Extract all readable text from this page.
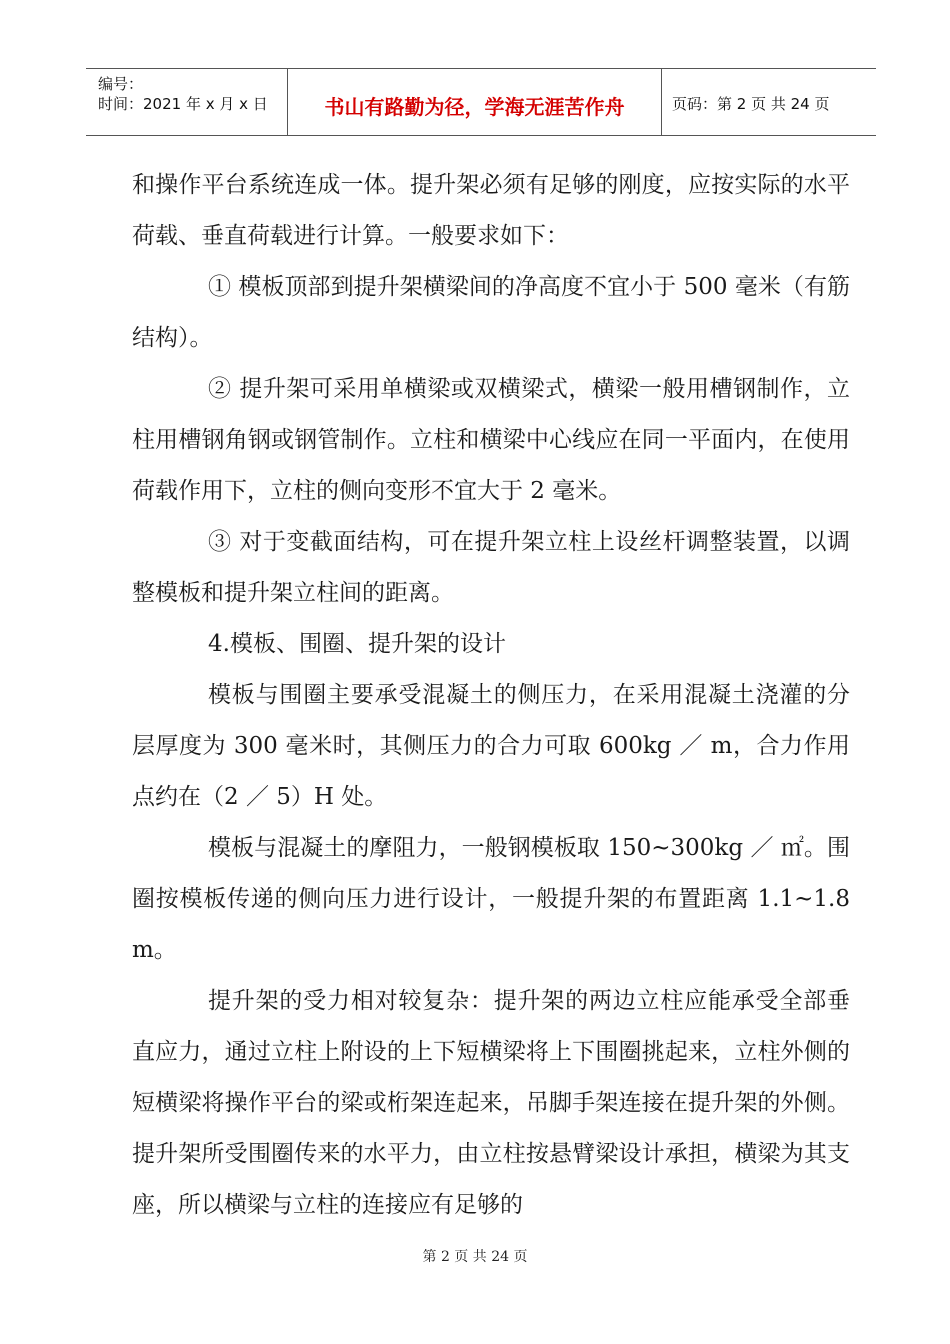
编号：
时间：2021 年 x 月 x 日	书山有路勤为径，学海无涯苦作舟	页码：第 2 页 共 24 页

和操作平台系统连成一体。提升架必须有足够的刚度，应按实际的水平荷载、垂直荷载进行计算。一般要求如下：

① 模板顶部到提升架横梁间的净高度不宜小于 500 毫米（有筋结构）。

② 提升架可采用单横梁或双横梁式，横梁一般用槽钢制作，立柱用槽钢角钢或钢管制作。立柱和横梁中心线应在同一平面内，在使用荷载作用下，立柱的侧向变形不宜大于 2 毫米。

③ 对于变截面结构，可在提升架立柱上设丝杆调整装置，以调整模板和提升架立柱间的距离。

4.模板、围圈、提升架的设计

模板与围圈主要承受混凝土的侧压力，在采用混凝土浇灌的分层厚度为 300 毫米时，其侧压力的合力可取 600kg ／ m，合力作用点约在（2 ／ 5）H 处。

模板与混凝土的摩阻力，一般钢模板取 150~300kg ／ ㎡。围圈按模板传递的侧向压力进行设计，一般提升架的布置距离 1.1~1.8m。

提升架的受力相对较复杂：提升架的两边立柱应能承受全部垂直应力，通过立柱上附设的上下短横梁将上下围圈挑起来，立柱外侧的短横梁将操作平台的梁或桁架连起来，吊脚手架连接在提升架的外侧。提升架所受围圈传来的水平力，由立柱按悬臂梁设计承担，横梁为其支座，所以横梁与立柱的连接应有足够的

第 2 页 共 24 页
